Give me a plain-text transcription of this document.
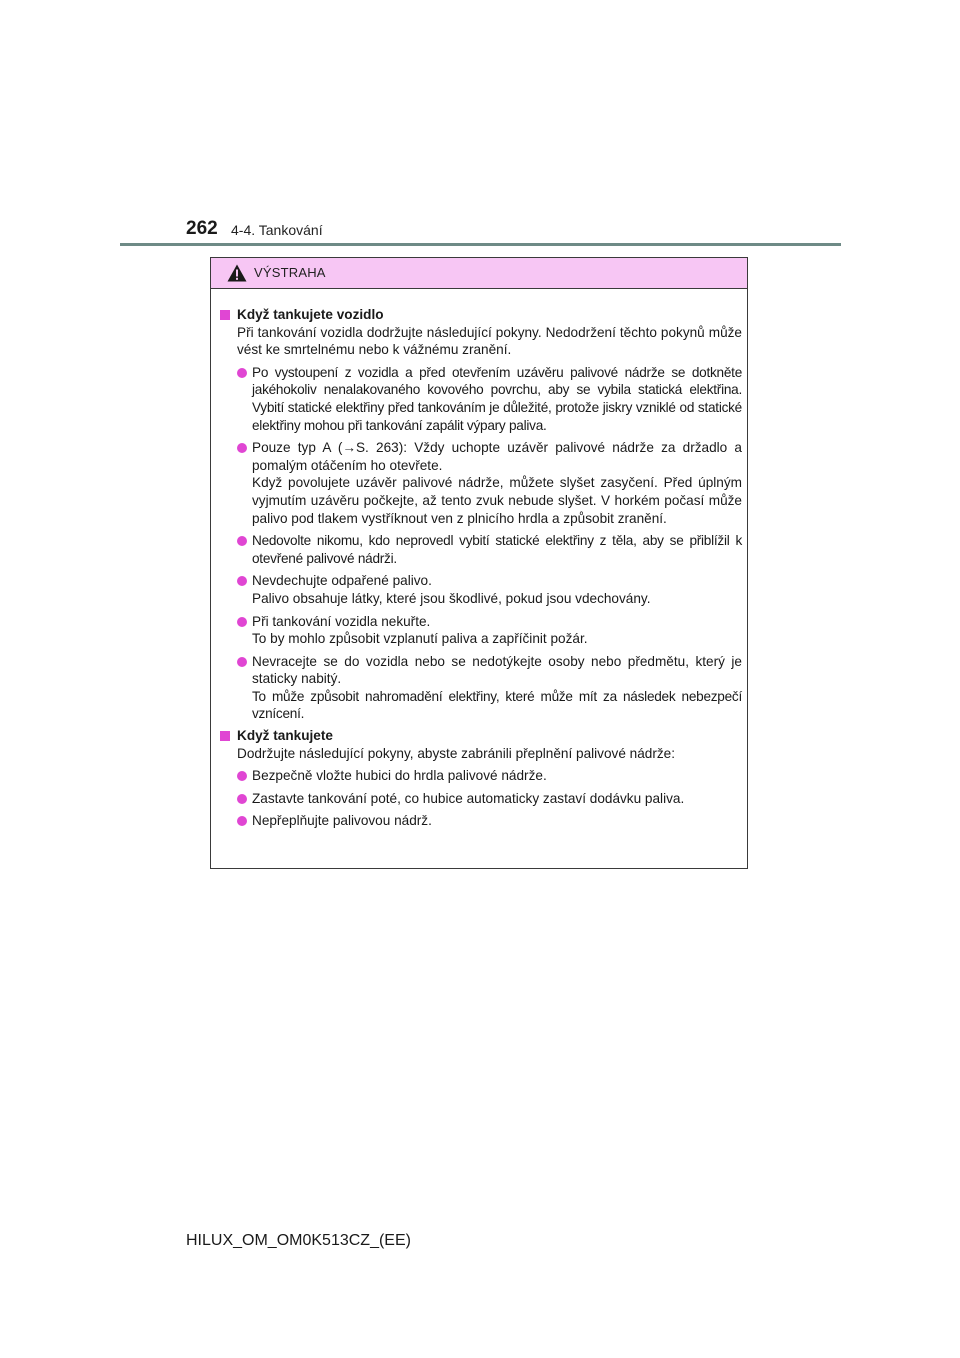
262 4-4. Tankování
VÝSTRAHA
Když tankujete vozidlo
Při tankování vozidla dodržujte následující pokyny. Nedodržení těchto pokynů může vést ke smrtelnému nebo k vážnému zranění.
Po vystoupení z vozidla a před otevřením uzávěru palivové nádrže se dotkněte jakéhokoliv nenalakovaného kovového povrchu, aby se vybila statická elektřina. Vybití statické elektřiny před tankováním je důležité, protože jiskry vzniklé od statické elektřiny mohou při tankování zapálit výpary paliva.
Pouze typ A (→S. 263): Vždy uchopte uzávěr palivové nádrže za držadlo a pomalým otáčením ho otevřete.
Když povolujete uzávěr palivové nádrže, můžete slyšet zasyčení. Před úplným vyjmutím uzávěru počkejte, až tento zvuk nebude slyšet. V horkém počasí může palivo pod tlakem vystříknout ven z plnicího hrdla a způsobit zranění.
Nedovolte nikomu, kdo neprovedl vybití statické elektřiny z těla, aby se přiblížil k otevřené palivové nádrži.
Nevdechujte odpařené palivo.
Palivo obsahuje látky, které jsou škodlivé, pokud jsou vdechovány.
Při tankování vozidla nekuřte.
To by mohlo způsobit vzplanutí paliva a zapříčinit požár.
Nevracejte se do vozidla nebo se nedotýkejte osoby nebo předmětu, který je staticky nabitý.
To může způsobit nahromadění elektřiny, které může mít za následek nebezpečí vznícení.
Když tankujete
Dodržujte následující pokyny, abyste zabránili přeplnění palivové nádrže:
Bezpečně vložte hubici do hrdla palivové nádrže.
Zastavte tankování poté, co hubice automaticky zastaví dodávku paliva.
Nepřeplňujte palivovou nádrž.
HILUX_OM_OM0K513CZ_(EE)
